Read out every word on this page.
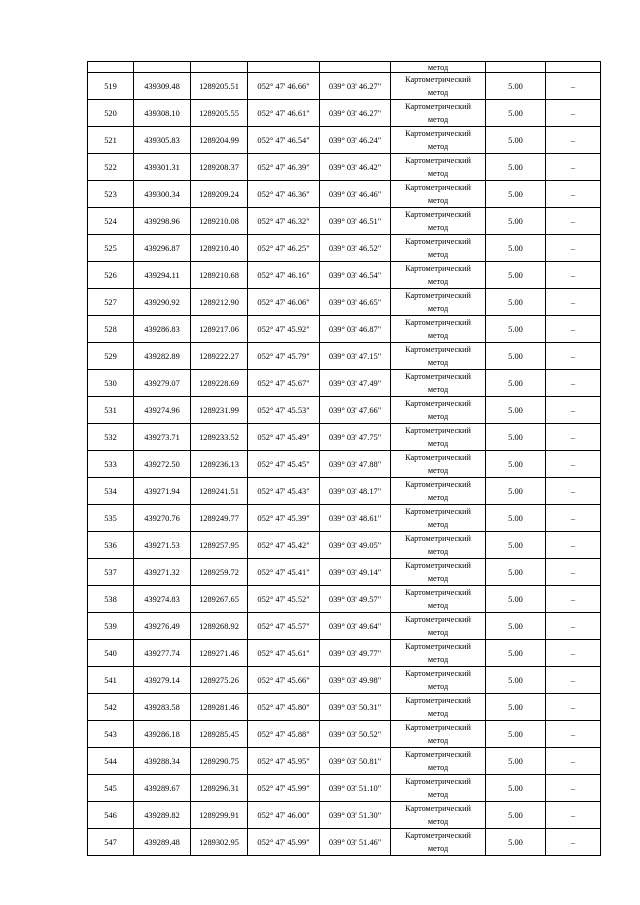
					метод		
519	439309.48	1289205.51	052° 47' 46.66"	039° 03' 46.27"	Картометрический
метод	5.00	–
520	439308.10	1289205.55	052° 47' 46.61"	039° 03' 46.27"	Картометрический
метод	5.00	–
521	439305.83	1289204.99	052° 47' 46.54"	039° 03' 46.24"	Картометрический
метод	5.00	–
522	439301.31	1289208.37	052° 47' 46.39"	039° 03' 46.42"	Картометрический
метод	5.00	–
523	439300.34	1289209.24	052° 47' 46.36"	039° 03' 46.46"	Картометрический
метод	5.00	–
524	439298.96	1289210.08	052° 47' 46.32"	039° 03' 46.51"	Картометрический
метод	5.00	–
525	439296.87	1289210.40	052° 47' 46.25"	039° 03' 46.52"	Картометрический
метод	5.00	–
526	439294.11	1289210.68	052° 47' 46.16"	039° 03' 46.54"	Картометрический
метод	5.00	–
527	439290.92	1289212.90	052° 47' 46.06"	039° 03' 46.65"	Картометрический
метод	5.00	–
528	439286.83	1289217.06	052° 47' 45.92"	039° 03' 46.87"	Картометрический
метод	5.00	–
529	439282.89	1289222.27	052° 47' 45.79"	039° 03' 47.15"	Картометрический
метод	5.00	–
530	439279.07	1289228.69	052° 47' 45.67"	039° 03' 47.49"	Картометрический
метод	5.00	–
531	439274.96	1289231.99	052° 47' 45.53"	039° 03' 47.66"	Картометрический
метод	5.00	–
532	439273.71	1289233.52	052° 47' 45.49"	039° 03' 47.75"	Картометрический
метод	5.00	–
533	439272.50	1289236.13	052° 47' 45.45"	039° 03' 47.88"	Картометрический
метод	5.00	–
534	439271.94	1289241.51	052° 47' 45.43"	039° 03' 48.17"	Картометрический
метод	5.00	–
535	439270.76	1289249.77	052° 47' 45.39"	039° 03' 48.61"	Картометрический
метод	5.00	–
536	439271.53	1289257.95	052° 47' 45.42"	039° 03' 49.05"	Картометрический
метод	5.00	–
537	439271.32	1289259.72	052° 47' 45.41"	039° 03' 49.14"	Картометрический
метод	5.00	–
538	439274.83	1289267.65	052° 47' 45.52"	039° 03' 49.57"	Картометрический
метод	5.00	–
539	439276.49	1289268.92	052° 47' 45.57"	039° 03' 49.64"	Картометрический
метод	5.00	–
540	439277.74	1289271.46	052° 47' 45.61"	039° 03' 49.77"	Картометрический
метод	5.00	–
541	439279.14	1289275.26	052° 47' 45.66"	039° 03' 49.98"	Картометрический
метод	5.00	–
542	439283.58	1289281.46	052° 47' 45.80"	039° 03' 50.31"	Картометрический
метод	5.00	–
543	439286.18	1289285.45	052° 47' 45.88"	039° 03' 50.52"	Картометрический
метод	5.00	–
544	439288.34	1289290.75	052° 47' 45.95"	039° 03' 50.81"	Картометрический
метод	5.00	–
545	439289.67	1289296.31	052° 47' 45.99"	039° 03' 51.10"	Картометрический
метод	5.00	–
546	439289.82	1289299.91	052° 47' 46.00"	039° 03' 51.30"	Картометрический
метод	5.00	–
547	439289.48	1289302.95	052° 47' 45.99"	039° 03' 51.46"	Картометрический
метод	5.00	–
